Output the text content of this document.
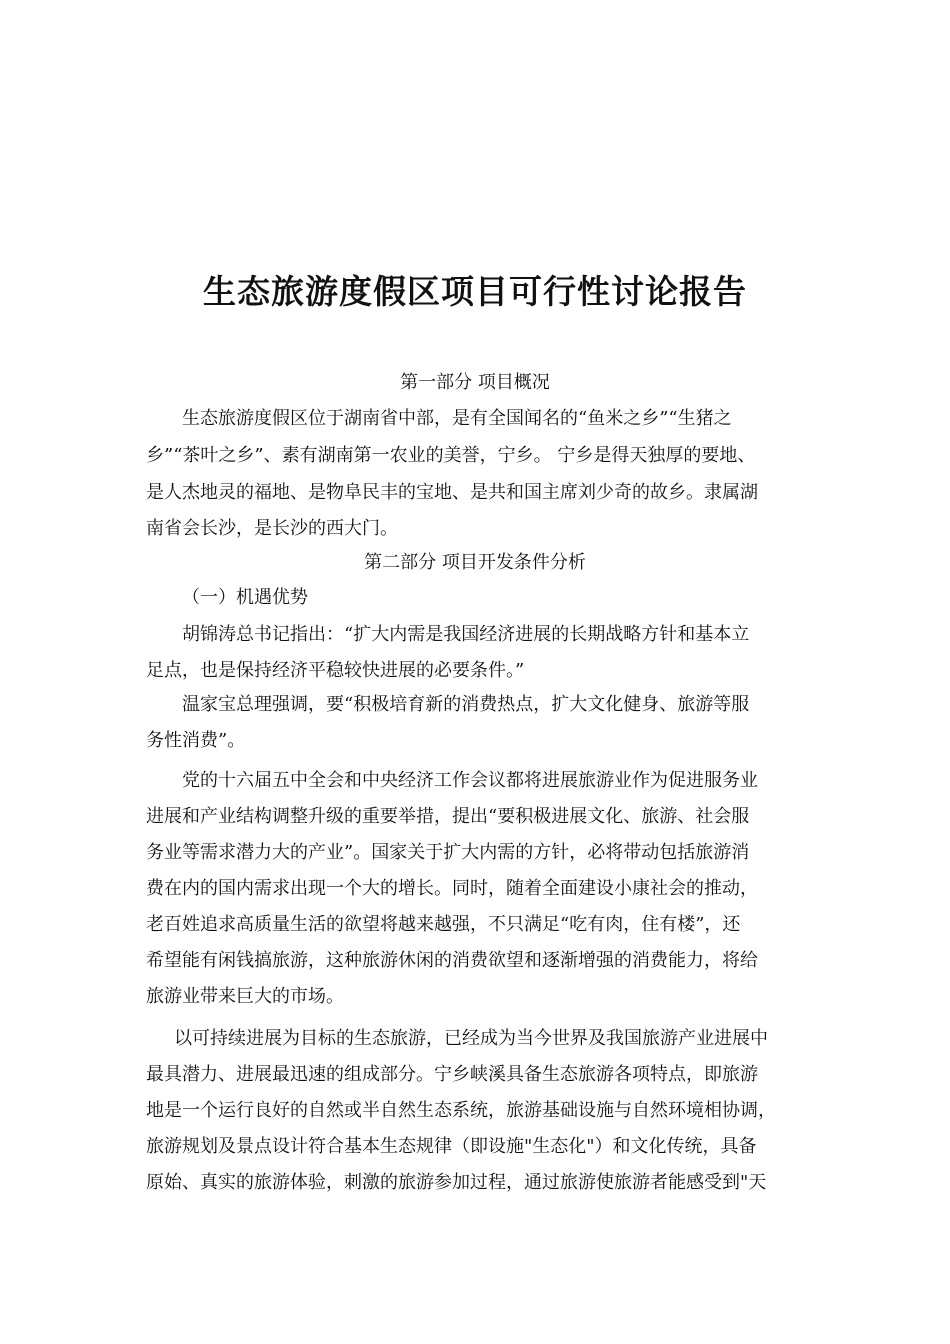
生态旅游度假区项目可行性讨论报告

第一部分 项目概况

生态旅游度假区位于湖南省中部，是有全国闻名的“鱼米之乡”“生猪之

乡”“茶叶之乡”、素有湖南第一农业的美誉，宁乡。 宁乡是得天独厚的要地、

是人杰地灵的福地、是物阜民丰的宝地、是共和国主席刘少奇的故乡。隶属湖

南省会长沙，是长沙的西大门。

第二部分 项目开发条件分析

（一）机遇优势

胡锦涛总书记指出：“扩大内需是我国经济进展的长期战略方针和基本立

足点，也是保持经济平稳较快进展的必要条件。”

温家宝总理强调，要“积极培育新的消费热点，扩大文化健身、旅游等服

务性消费”。

党的十六届五中全会和中央经济工作会议都将进展旅游业作为促进服务业

进展和产业结构调整升级的重要举措，提出“要积极进展文化、旅游、社会服

务业等需求潜力大的产业”。国家关于扩大内需的方针，必将带动包括旅游消

费在内的国内需求出现一个大的增长。同时，随着全面建设小康社会的推动，

老百姓追求高质量生活的欲望将越来越强，不只满足“吃有肉，住有楼”，还

希望能有闲钱搞旅游，这种旅游休闲的消费欲望和逐渐增强的消费能力，将给

旅游业带来巨大的市场。

以可持续进展为目标的生态旅游，已经成为当今世界及我国旅游产业进展中

最具潜力、进展最迅速的组成部分。宁乡峡溪具备生态旅游各项特点，即旅游

地是一个运行良好的自然或半自然生态系统，旅游基础设施与自然环境相协调，

旅游规划及景点设计符合基本生态规律（即设施"生态化"）和文化传统，具备

原始、真实的旅游体验，刺激的旅游参加过程，通过旅游使旅游者能感受到"天
